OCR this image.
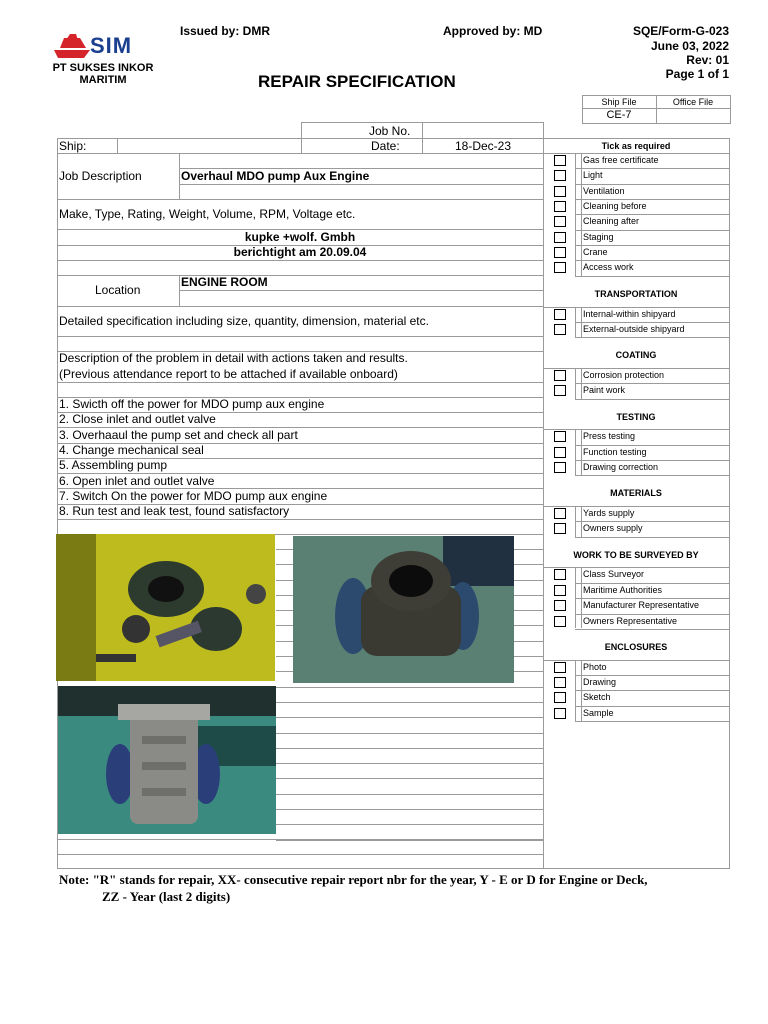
SIM
PT SUKSES INKOR
MARITIM
Issued by: DMR	Approved by: MD	SQE/Form-G-023
June 03, 2022
Rev: 01
Page 1 of 1
REPAIR SPECIFICATION
Ship File	Office File
CE-7
Job No.
Ship:	Date:	18-Dec-23
Job Description	Overhaul MDO pump Aux Engine
Make, Type, Rating, Weight, Volume, RPM, Voltage etc.
kupke +wolf. Gmbh
berichtight am 20.09.04
Location
ENGINE ROOM
Detailed specification including size, quantity, dimension, material etc.
Description of the problem in detail with actions taken and results.
(Previous attendance report to be attached if available onboard)
1. Swicth off the power for MDO pump aux engine
2. Close inlet and outlet valve
3. Overhaaul the pump set and check all part
4. Change mechanical seal
5. Assembling pump
6. Open inlet and outlet valve
7. Switch On the power for MDO pump aux engine
8. Run test and leak test, found satisfactory
Tick as required
Gas free certificate
Light
Ventilation
Cleaning before
Cleaning after
Staging
Crane
Access work
TRANSPORTATION
Internal-within shipyard
External-outside shipyard
COATING
Corrosion protection
Paint work
TESTING
Press testing
Function testing
Drawing correction
MATERIALS
Yards supply
Owners supply
WORK TO BE SURVEYED BY
Class Surveyor
Maritime Authorities
Manufacturer Representative
Owners Representative
ENCLOSURES
Photo
Drawing
Sketch
Sample
Note: "R" stands for repair, XX- consecutive repair report nbr for the year, Y - E or D for Engine or Deck,
ZZ - Year (last 2 digits)
